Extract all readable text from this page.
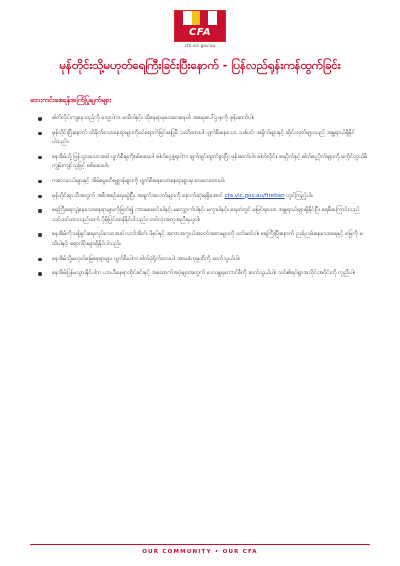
CFA
cfa.vic.gov.au
မုန်တိုင်းသို့မဟုတ်ရေကြီးခြင်းပြီးနောက် - ပြန်လည်ရုန်းကန်ထွက်ခြင်း
ဘေးကင်းစေရန်အကြံပြုချက်များ
ဓါတ်လိုင်းကျနေသည်ကို တွေ့ပါက၊ မထိပါနှင့်။ ထိုနေရာမှဝေးဝေးနေပါ၊ အရေးပေါ်ဌာနကို ဖုန်းဆက်ပါ။
မုန်တိုင်းပြီးနောက် ထိခိုက်သောနေရာများကိုဝင်ရောက်ခြင်းမပြုမီ သတိထားပါ၊ ပျက်စီးနေသော သစ်ပင်၊ အမှိုက်များနှင့် ဆိုင်းဘုတ်များသည် အန္တရာယ်ရှိနိုင်ပါသည်။
နေအိမ်သို့ပြန်သွားသောအခါ ပျက်စီးမှုကိုစစ်ဆေးပါ၊ ဓါတ်ငွေ့နံ့ရပါက ချက်ချင်းထွက်ခွာပြီး ဖုန်းဆက်ပါ။ ဓါတ်လိုင်း၊ ရေပိုက်နှင့် ဓါတ်ငွေ့ပိုက်များကို မကိုင်တွယ်မီ ကျွမ်းကျင်သူဖြင့် စစ်ဆေးပါ။
ကလေးငယ်များနှင့် အိမ်မွေးတိရစ္ဆာန်များကို ပျက်စီးနေသောနေရာများမှ ဝေးဝေးထားပါ။
မုန်တိုင်းရာသီအတွက် အစီအစဉ်ရေးဆွဲပြီး အချက်အလက်များကို နောက်ဆုံးရရှိအောင် cfa.vic.gov.au/fireban တွင်ကြည့်ပါ။
ရေကြီးရေလျှံနေသောနေရာများကိုဖြတ်၍ ကားမမောင်းပါနှင့်၊ မလျှောက်ပါနှင့်၊ မကူးပါနှင့်။ ရေထဲတွင် မမြင်ရသော အန္တရာယ်များရှိနိုင်ပြီး ရေစီးကြောင်းသည် သင်ထင်ထားသည်ထက် ပိုမိုပြင်းထန်နိုင်ပါသည်။ တပ်လုံးအကူအညီရယူပါ။
နေအိမ်ကိုသန့်ရှင်းရေးလုပ်သောအခါ လက်အိတ်၊ ဖိနပ်နှင့် အကာအကွယ်အဝတ်အစားများကို ဝတ်ဆင်ပါ။ ရေကြီးပြီးနောက် ညစ်ညမ်းနေသောရေနှင့် မြေကို မထိပါနှင့်၊ ရောဂါပိုးများရှိနိုင်ပါသည်။
နေအိမ်သို့မဟုတ်မြေနေရာများ ပျက်စီးပါက ဓါတ်ပုံရိုက်ထားပါ၊ အာမခံကုမ္ပဏီကို ဆက်သွယ်ပါ။
နေအိမ်ပြန်မသွားနိုင်ပါက ယာယီနေရာထိုင်ခင်းနှင့် အထောက်အပံ့များအတွက် ဒေသန္တရကောင်စီကို ဆက်သွယ်ပါ။ သင်၏ရပ်ရွာအသိုင်းအဝိုင်းကို ကူညီပါ။
OUR COMMUNITY • OUR CFA
